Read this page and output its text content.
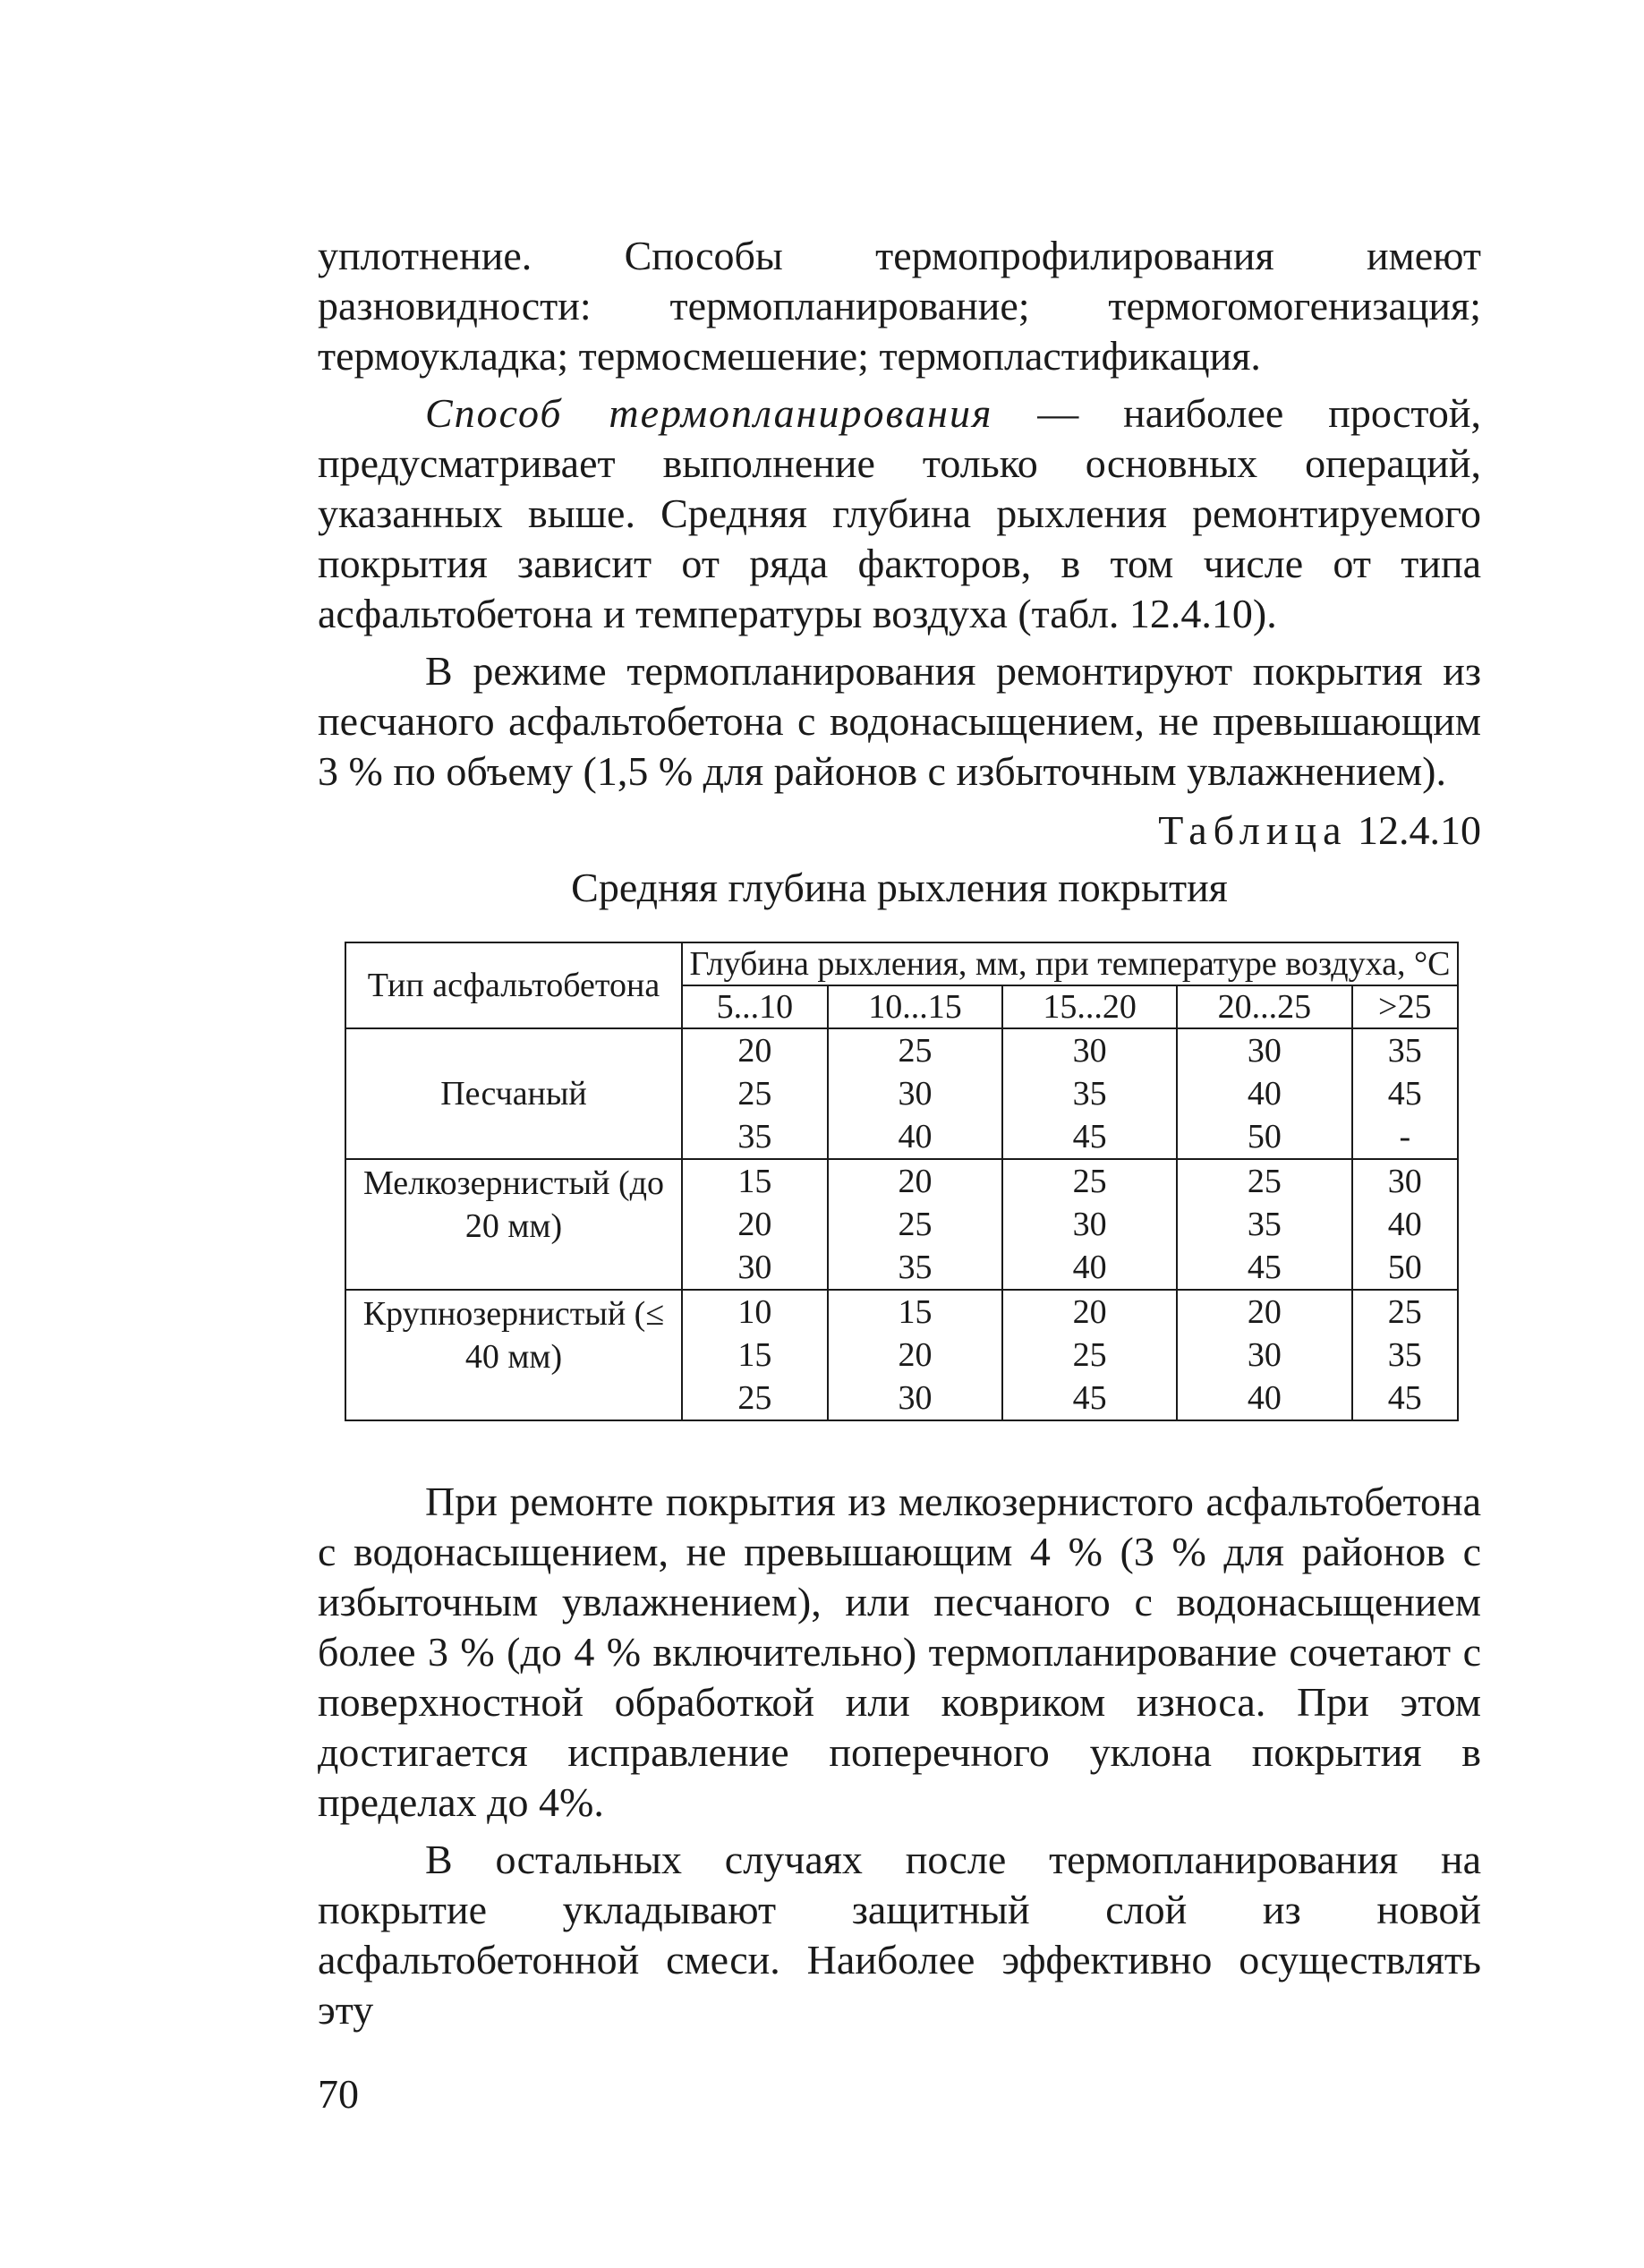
уплотнение. Способы термопрофилирования имеют разновидности: термопланирование; термогомогенизация; термоукладка; термосмешение; термопластификация.

Способ термопланирования — наиболее простой, предусматривает выполнение только основных операций, указанных выше. Средняя глубина рыхления ремонтируемого покрытия зависит от ряда факторов, в том числе от типа асфальтобетона и температуры воздуха (табл. 12.4.10).

В режиме термопланирования ремонтируют покрытия из песчаного асфальтобетона с водонасыщением, не превышающим 3 % по объему (1,5 % для районов с избыточным увлажнением).

Таблица 12.4.10
Средняя глубина рыхления покрытия
Тип асфальтобетона	Глубина рыхления, мм, при температуре воздуха, °С				
	5...10	10...15	15...20	20...25	>25
Песчаный	20	25	30	30	35
	25	30	35	40	45
	35	40	45	50	-
Мелкозернистый (до 20 мм)	15	20	25	25	30
	20	25	30	35	40
	30	35	40	45	50
Крупнозернистый (≤ 40 мм)	10	15	20	20	25
	15	20	25	30	35
	25	30	45	40	45

При ремонте покрытия из мелкозернистого асфальтобетона с водонасыщением, не превышающим 4 % (3 % для районов с избыточным увлажнением), или песчаного с водонасыщением более 3 % (до 4 % включительно) термопланирование сочетают с поверхностной обработкой или ковриком износа. При этом достигается исправление поперечного уклона покрытия в пределах до 4%.

В остальных случаях после термопланирования на покрытие укладывают защитный слой из новой асфальтобетонной смеси. Наиболее эффективно осуществлять эту

70
